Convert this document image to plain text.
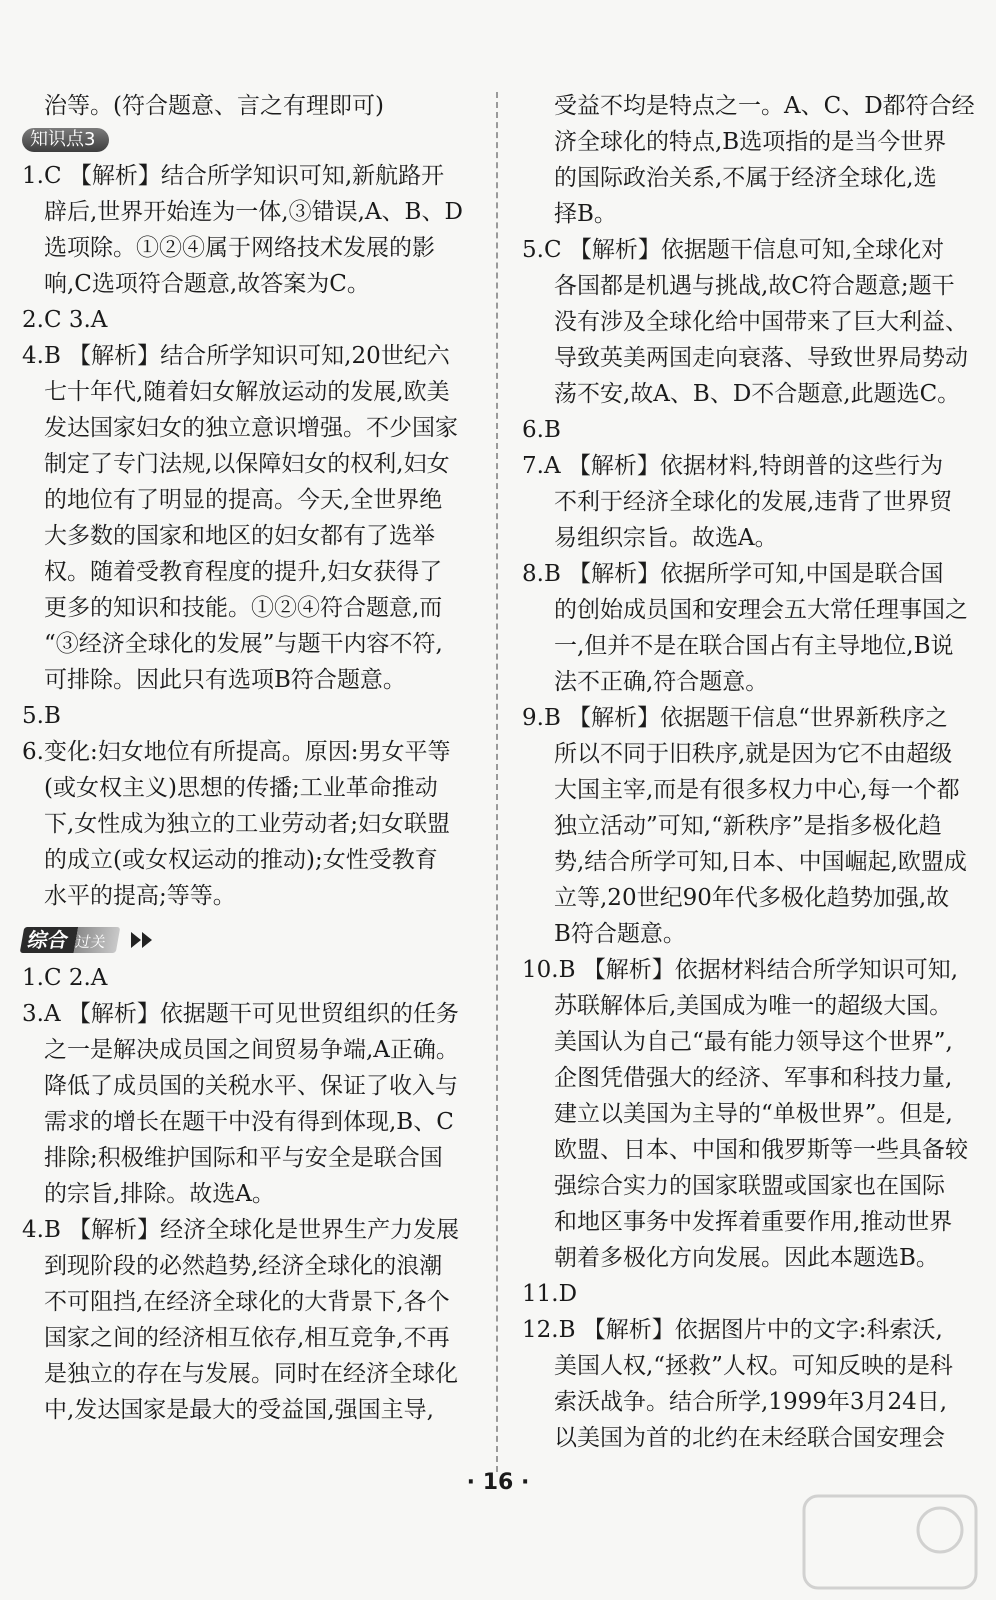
治等。(符合题意、言之有理即可)
知识点3
1.C 【解析】结合所学知识可知,新航路开
辟后,世界开始连为一体,③错误,A、B、D
选项除。①②④属于网络技术发展的影
响,C选项符合题意,故答案为C。
2.C 3.A
4.B 【解析】结合所学知识可知,20世纪六
七十年代,随着妇女解放运动的发展,欧美
发达国家妇女的独立意识增强。不少国家
制定了专门法规,以保障妇女的权利,妇女
的地位有了明显的提高。今天,全世界绝
大多数的国家和地区的妇女都有了选举
权。随着受教育程度的提升,妇女获得了
更多的知识和技能。①②④符合题意,而
“③经济全球化的发展”与题干内容不符,
可排除。因此只有选项B符合题意。
5.B
6.变化:妇女地位有所提高。原因:男女平等
(或女权主义)思想的传播;工业革命推动
下,女性成为独立的工业劳动者;妇女联盟
的成立(或女权运动的推动);女性受教育
水平的提高;等等。
综合 过关
1.C 2.A
3.A 【解析】依据题干可见世贸组织的任务
之一是解决成员国之间贸易争端,A正确。
降低了成员国的关税水平、保证了收入与
需求的增长在题干中没有得到体现,B、C
排除;积极维护国际和平与安全是联合国
的宗旨,排除。故选A。
4.B 【解析】经济全球化是世界生产力发展
到现阶段的必然趋势,经济全球化的浪潮
不可阻挡,在经济全球化的大背景下,各个
国家之间的经济相互依存,相互竞争,不再
是独立的存在与发展。同时在经济全球化
中,发达国家是最大的受益国,强国主导,
受益不均是特点之一。A、C、D都符合经
济全球化的特点,B选项指的是当今世界
的国际政治关系,不属于经济全球化,选
择B。
5.C 【解析】依据题干信息可知,全球化对
各国都是机遇与挑战,故C符合题意;题干
没有涉及全球化给中国带来了巨大利益、
导致英美两国走向衰落、导致世界局势动
荡不安,故A、B、D不合题意,此题选C。
6.B
7.A 【解析】依据材料,特朗普的这些行为
不利于经济全球化的发展,违背了世界贸
易组织宗旨。故选A。
8.B 【解析】依据所学可知,中国是联合国
的创始成员国和安理会五大常任理事国之
一,但并不是在联合国占有主导地位,B说
法不正确,符合题意。
9.B 【解析】依据题干信息“世界新秩序之
所以不同于旧秩序,就是因为它不由超级
大国主宰,而是有很多权力中心,每一个都
独立活动”可知,“新秩序”是指多极化趋
势,结合所学可知,日本、中国崛起,欧盟成
立等,20世纪90年代多极化趋势加强,故
B符合题意。
10.B 【解析】依据材料结合所学知识可知,
苏联解体后,美国成为唯一的超级大国。
美国认为自己“最有能力领导这个世界”,
企图凭借强大的经济、军事和科技力量,
建立以美国为主导的“单极世界”。但是,
欧盟、日本、中国和俄罗斯等一些具备较
强综合实力的国家联盟或国家也在国际
和地区事务中发挥着重要作用,推动世界
朝着多极化方向发展。因此本题选B。
11.D
12.B 【解析】依据图片中的文字:科索沃,
美国人权,“拯救”人权。可知反映的是科
索沃战争。结合所学,1999年3月24日,
以美国为首的北约在未经联合国安理会
· 16 ·
